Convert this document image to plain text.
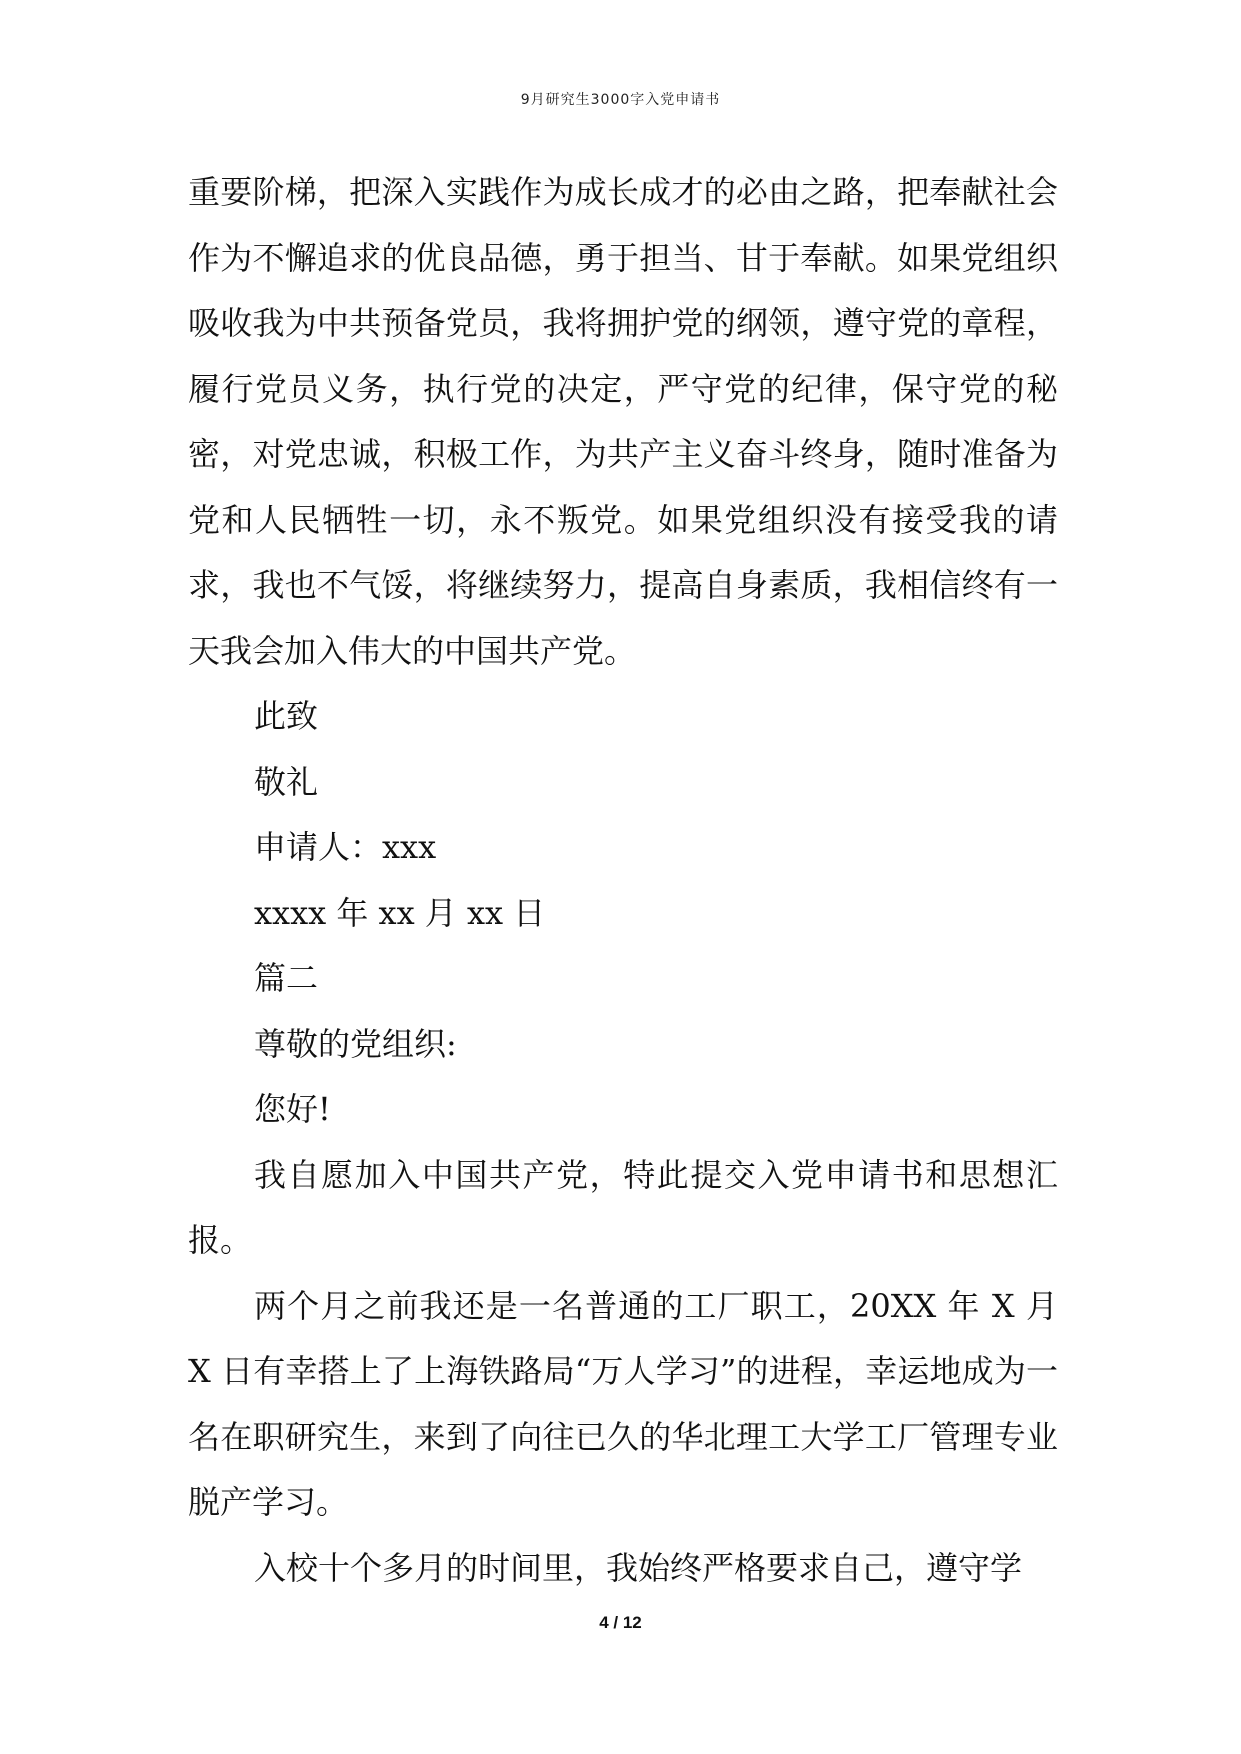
9月研究生3000字入党申请书

重要阶梯，把深入实践作为成长成才的必由之路，把奉献社会作为不懈追求的优良品德，勇于担当、甘于奉献。如果党组织吸收我为中共预备党员，我将拥护党的纲领，遵守党的章程，履行党员义务，执行党的决定，严守党的纪律，保守党的秘密，对党忠诚，积极工作，为共产主义奋斗终身，随时准备为党和人民牺牲一切，永不叛党。如果党组织没有接受我的请求，我也不气馁，将继续努力，提高自身素质，我相信终有一天我会加入伟大的中国共产党。

此致

敬礼

申请人：xxx

xxxx 年 xx 月 xx 日

篇二

尊敬的党组织:

您好!

我自愿加入中国共产党，特此提交入党申请书和思想汇报。

两个月之前我还是一名普通的工厂职工，20XX 年 X 月 X 日有幸搭上了上海铁路局“万人学习”的进程，幸运地成为一名在职研究生，来到了向往已久的华北理工大学工厂管理专业脱产学习。

入校十个多月的时间里，我始终严格要求自己，遵守学

4 / 12
